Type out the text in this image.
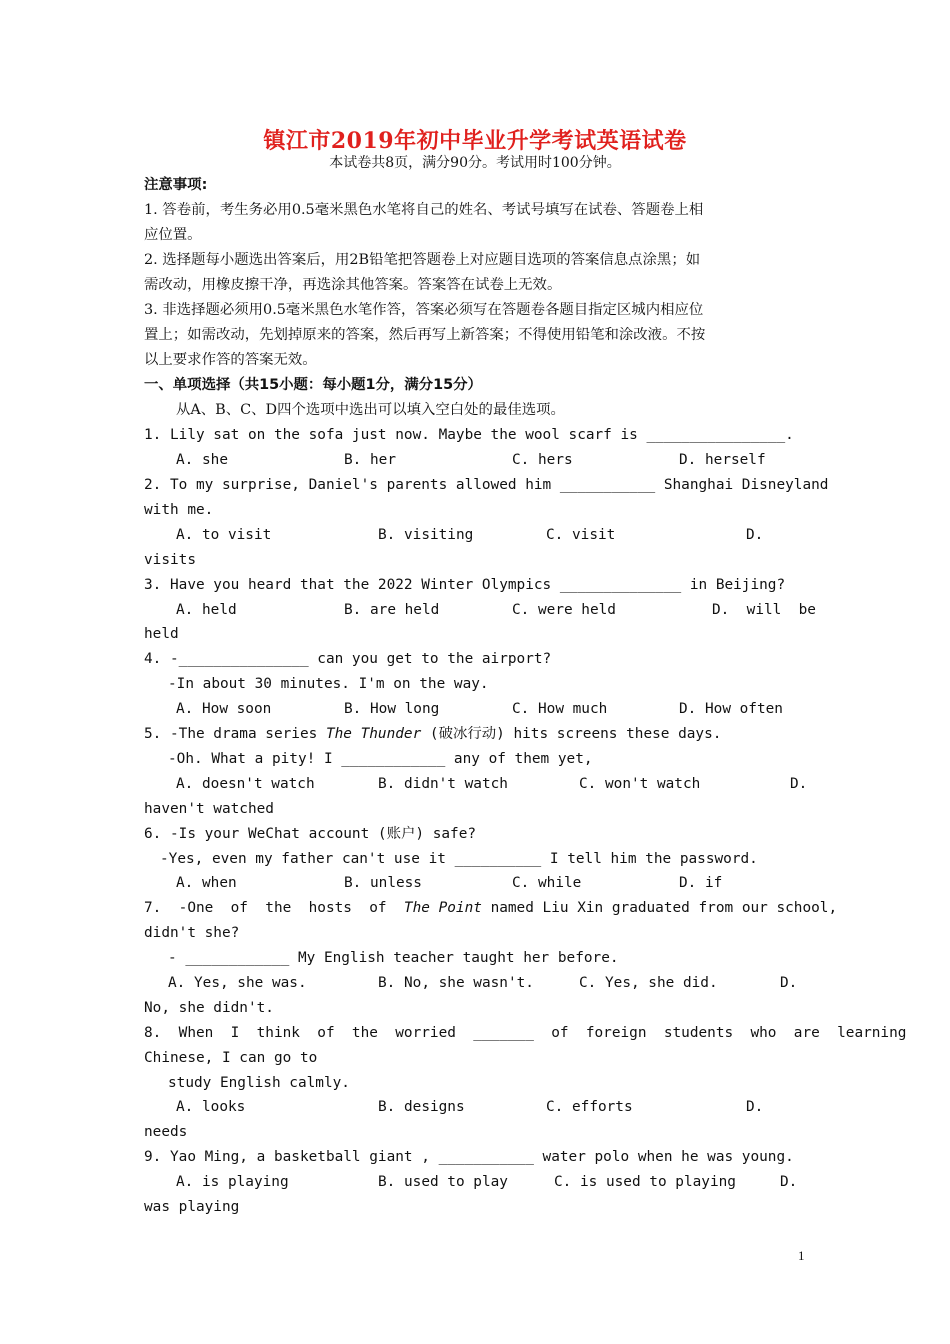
镇江市2019年初中毕业升学考试英语试卷
本试卷共8页，满分90分。考试用时100分钟。
注意事项:
1. 答卷前，考生务必用0.5毫米黑色水笔将自己的姓名、考试号填写在试卷、答题卷上相
应位置。
2. 选择题每小题选出答案后，用2B铅笔把答题卷上对应题目选项的答案信息点涂黑；如
需改动，用橡皮擦干净，再选涂其他答案。答案答在试卷上无效。
3. 非选择题必须用0.5毫米黑色水笔作答，答案必须写在答题卷各题目指定区城内相应位
置上；如需改动，先划掉原来的答案，然后再写上新答案；不得使用铅笔和涂改液。不按
以上要求作答的答案无效。
一、单项选择（共15小题：每小题1分，满分15分）
从A、B、C、D四个选项中选出可以填入空白处的最佳选项。
1. Lily sat on the sofa just now. Maybe the wool scarf is ________________.
A. she	B. her	C. hers	D. herself
2. To my surprise, Daniel's parents allowed him ___________ Shanghai Disneyland
with me.
A. to visit	B. visiting	C. visit	D.
visits
3. Have you heard that the 2022 Winter Olympics ______________ in Beijing?
A. held	B. are held	C. were held	D.  will  be
held
4. -_______________ can you get to the airport?
-In about 30 minutes. I'm on the way.
A. How soon	B. How long	C. How much	D. How often
5. -The drama series The Thunder (破冰行动) hits screens these days.
-Oh. What a pity! I ____________ any of them yet,
A. doesn't watch	B. didn't watch	C. won't watch	D.
haven't watched
6. -Is your WeChat account (账户) safe?
-Yes, even my father can't use it __________ I tell him the password.
A. when	B. unless	C. while	D. if
7.  -One  of  the  hosts  of  The Point named Liu Xin graduated from our school,
didn't she?
- ____________ My English teacher taught her before.
A. Yes, she was.	B. No, she wasn't.	C. Yes, she did.	D.
No, she didn't.
8.  When  I  think  of  the  worried  _______  of  foreign  students  who  are  learning
Chinese, I can go to
study English calmly.
A. looks	B. designs	C. efforts	D.
needs
9. Yao Ming, a basketball giant , ___________ water polo when he was young.
A. is playing	B. used to play	C. is used to playing	D.
was playing
1
